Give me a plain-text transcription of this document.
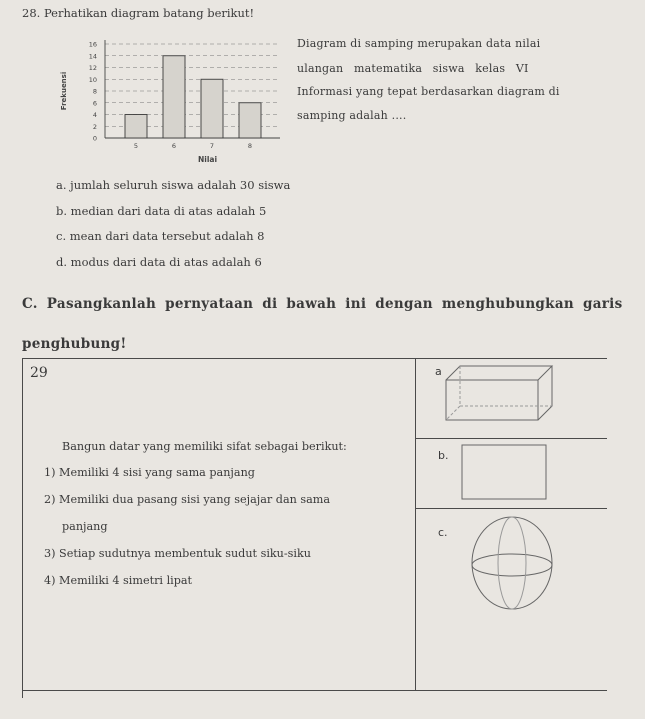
28. Perhatikan diagram batang berikut!
0
2
4
6
8
10
12
14
16
5	6	7	8
Nilai
Frekuensi
Diagram di samping merupakan data nilai
ulangan matematika siswa kelas VI
Informasi yang tepat berdasarkan diagram di
samping adalah ....
a. jumlah seluruh siswa adalah 30 siswa
b. median dari data di atas adalah 5
c. mean dari data tersebut adalah 8
d. modus dari data di atas adalah 6
C. Pasangkanlah pernyataan di bawah ini dengan menghubungkan garis
penghubung!
29
Bangun datar yang memiliki sifat sebagai berikut:
1) Memiliki 4 sisi yang sama panjang
2) Memiliki dua pasang sisi yang sejajar dan sama
panjang
3) Setiap sudutnya membentuk sudut siku-siku
4) Memiliki 4 simetri lipat
a
b.
c.
